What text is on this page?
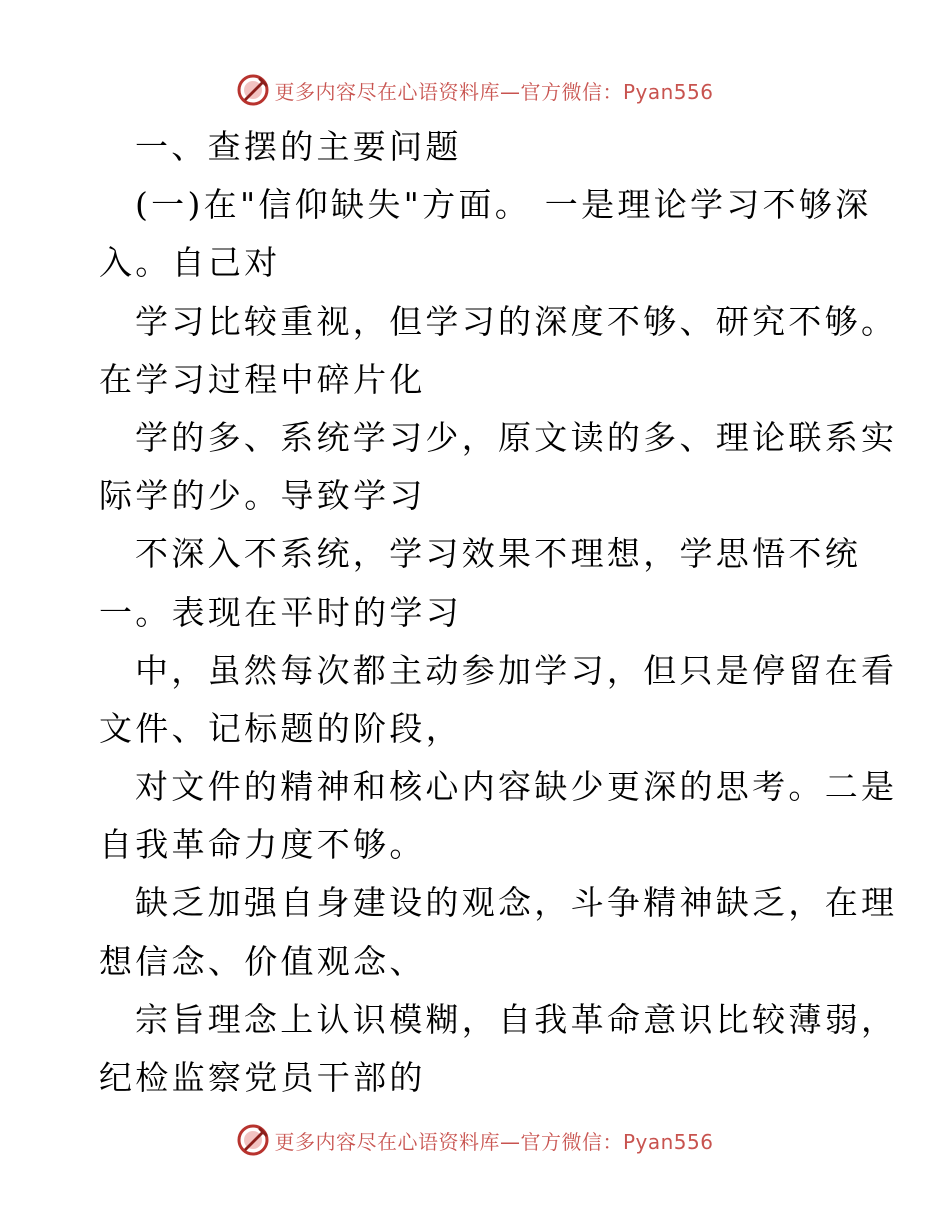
更多内容尽在心语资料库—官方微信：Pyan556
一、查摆的主要问题
(一)在"信仰缺失"方面。 一是理论学习不够深
入。自己对
学习比较重视，但学习的深度不够、研究不够。
在学习过程中碎片化
学的多、系统学习少，原文读的多、理论联系实
际学的少。导致学习
不深入不系统，学习效果不理想，学思悟不统
一。表现在平时的学习
中，虽然每次都主动参加学习，但只是停留在看
文件、记标题的阶段，
对文件的精神和核心内容缺少更深的思考。二是
自我革命力度不够。
缺乏加强自身建设的观念，斗争精神缺乏，在理
想信念、价值观念、
宗旨理念上认识模糊，自我革命意识比较薄弱，
纪检监察党员干部的
更多内容尽在心语资料库—官方微信：Pyan556
